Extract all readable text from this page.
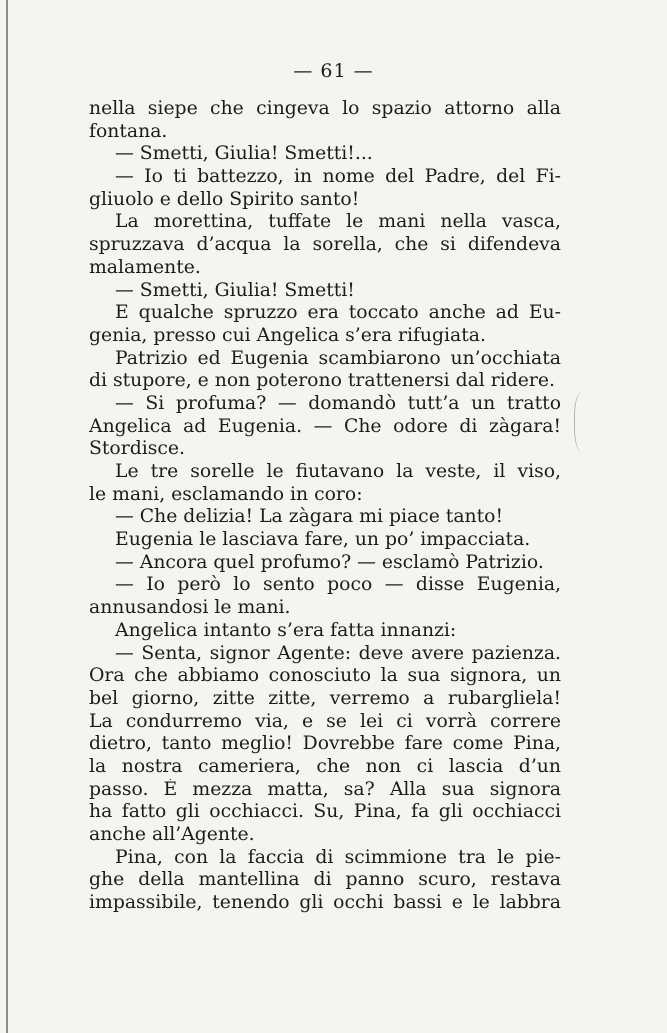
— 61 —
nella siepe che cingeva lo spazio attorno alla
fontana.
— Smetti, Giulia! Smetti!...
— Io ti battezzo, in nome del Padre, del Fi-
gliuolo e dello Spirito santo!
La morettina, tuffate le mani nella vasca,
spruzzava d’acqua la sorella, che si difendeva
malamente.
— Smetti, Giulia! Smetti!
E qualche spruzzo era toccato anche ad Eu-
genia, presso cui Angelica s’era rifugiata.
Patrizio ed Eugenia scambiarono un’occhiata
di stupore, e non poterono trattenersi dal ridere.
— Si profuma? — domandò tutt’a un tratto
Angelica ad Eugenia. — Che odore di zàgara!
Stordisce.
Le tre sorelle le fiutavano la veste, il viso,
le mani, esclamando in coro:
— Che delizia! La zàgara mi piace tanto!
Eugenia le lasciava fare, un po’ impacciata.
— Ancora quel profumo? — esclamò Patrizio.
— Io però lo sento poco — disse Eugenia,
annusandosi le mani.
Angelica intanto s’era fatta innanzi:
— Senta, signor Agente: deve avere pazienza.
Ora che abbiamo conosciuto la sua signora, un
bel giorno, zitte zitte, verremo a rubargliela!
La condurremo via, e se lei ci vorrà correre
dietro, tanto meglio! Dovrebbe fare come Pina,
la nostra cameriera, che non ci lascia d’un
passo. È mezza matta, sa? Alla sua signora
ha fatto gli occhiacci. Su, Pina, fa gli occhiacci
anche all’Agente.
Pina, con la faccia di scimmione tra le pie-
ghe della mantellina di panno scuro, restava
impassibile, tenendo gli occhi bassi e le labbra
